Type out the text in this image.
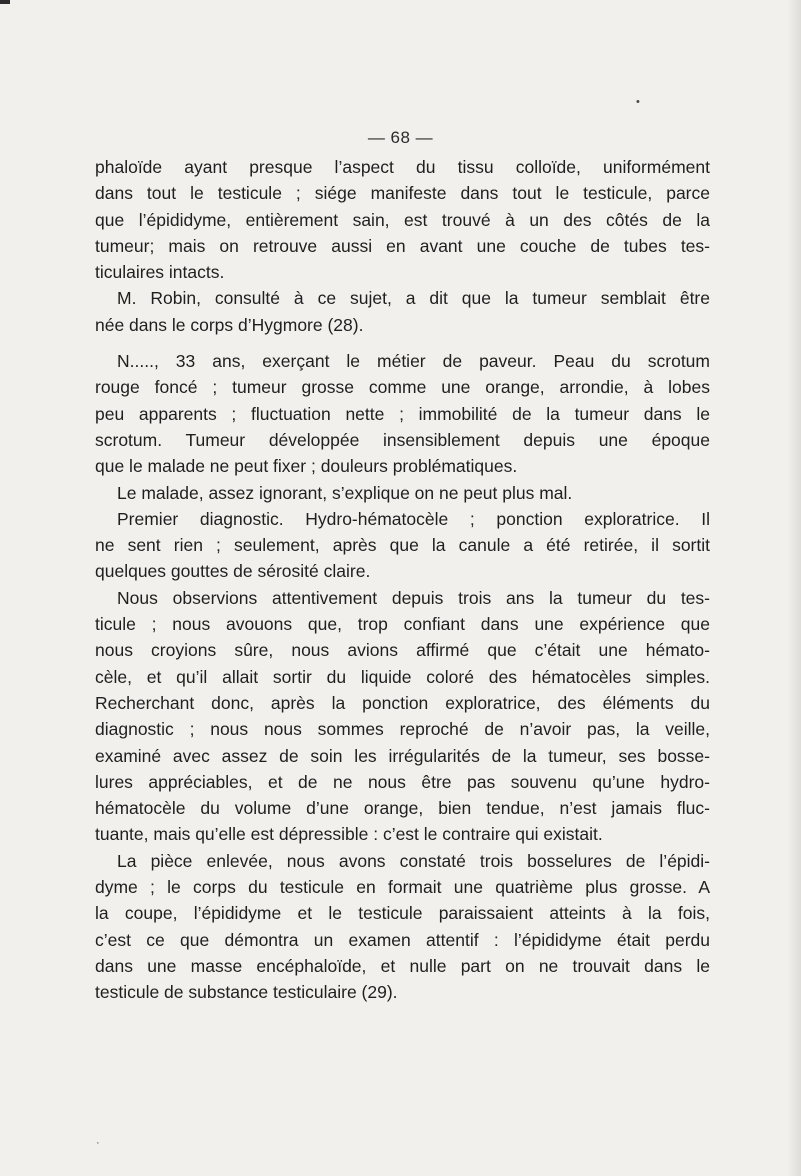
— 68 —
phaloïde ayant presque l’aspect du tissu colloïde, uniformément
dans tout le testicule ; siége manifeste dans tout le testicule, parce
que l’épididyme, entièrement sain, est trouvé à un des côtés de la
tumeur; mais on retrouve aussi en avant une couche de tubes tes-
ticulaires intacts.
M. Robin, consulté à ce sujet, a dit que la tumeur semblait être
née dans le corps d’Hygmore (28).
N....., 33 ans, exerçant le métier de paveur. Peau du scrotum
rouge foncé ; tumeur grosse comme une orange, arrondie, à lobes
peu apparents ; fluctuation nette ; immobilité de la tumeur dans le
scrotum. Tumeur développée insensiblement depuis une époque
que le malade ne peut fixer ; douleurs problématiques.
Le malade, assez ignorant, s’explique on ne peut plus mal.
Premier diagnostic. Hydro-hématocèle ; ponction exploratrice. Il
ne sent rien ; seulement, après que la canule a été retirée, il sortit
quelques gouttes de sérosité claire.
Nous observions attentivement depuis trois ans la tumeur du tes-
ticule ; nous avouons que, trop confiant dans une expérience que
nous croyions sûre, nous avions affirmé que c’était une hémato-
cèle, et qu’il allait sortir du liquide coloré des hématocèles simples.
Recherchant donc, après la ponction exploratrice, des éléments du
diagnostic ; nous nous sommes reproché de n’avoir pas, la veille,
examiné avec assez de soin les irrégularités de la tumeur, ses bosse-
lures appréciables, et de ne nous être pas souvenu qu’une hydro-
hématocèle du volume d’une orange, bien tendue, n’est jamais fluc-
tuante, mais qu’elle est dépressible : c’est le contraire qui existait.
La pièce enlevée, nous avons constaté trois bosselures de l’épidi-
dyme ; le corps du testicule en formait une quatrième plus grosse. A
la coupe, l’épididyme et le testicule paraissaient atteints à la fois,
c’est ce que démontra un examen attentif : l’épididyme était perdu
dans une masse encéphaloïde, et nulle part on ne trouvait dans le
testicule de substance testiculaire (29).
•
·
